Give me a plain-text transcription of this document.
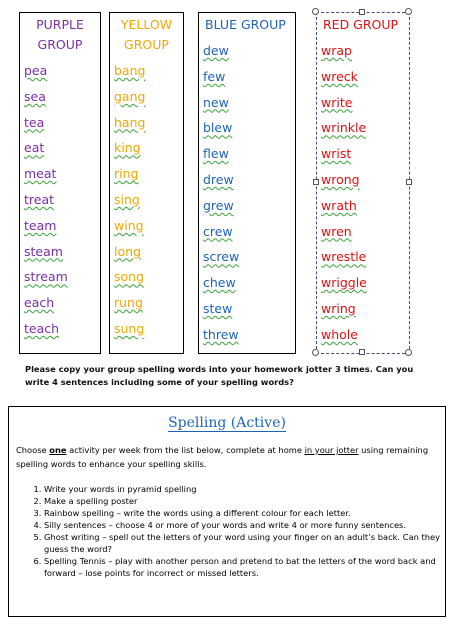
PURPLE
GROUP
pea
sea
tea
eat
meat
treat
team
steam
stream
each
teach
YELLOW
GROUP
bang
gang
hang
king
ring
sing
wing
long
song
rung
sung
BLUE GROUP
dew
few
new
blew
flew
drew
grew
crew
screw
chew
stew
threw
RED GROUP
wrap
wreck
write
wrinkle
wrist
wrong
wrath
wren
wrestle
wriggle
wring
whole
Please copy your group spelling words into your homework jotter 3 times. Can you write 4 sentences including some of your spelling words?
Spelling (Active)
Choose one activity per week from the list below, complete at home in your jotter using remaining spelling words to enhance your spelling skills.
1. Write your words in pyramid spelling
2. Make a spelling poster
3. Rainbow spelling – write the words using a different colour for each letter.
4. Silly sentences – choose 4 or more of your words and write 4 or more funny sentences.
5. Ghost writing – spell out the letters of your word using your finger on an adult’s back. Can they guess the word?
6. Spelling Tennis – play with another person and pretend to bat the letters of the word back and forward – lose points for incorrect or missed letters.
